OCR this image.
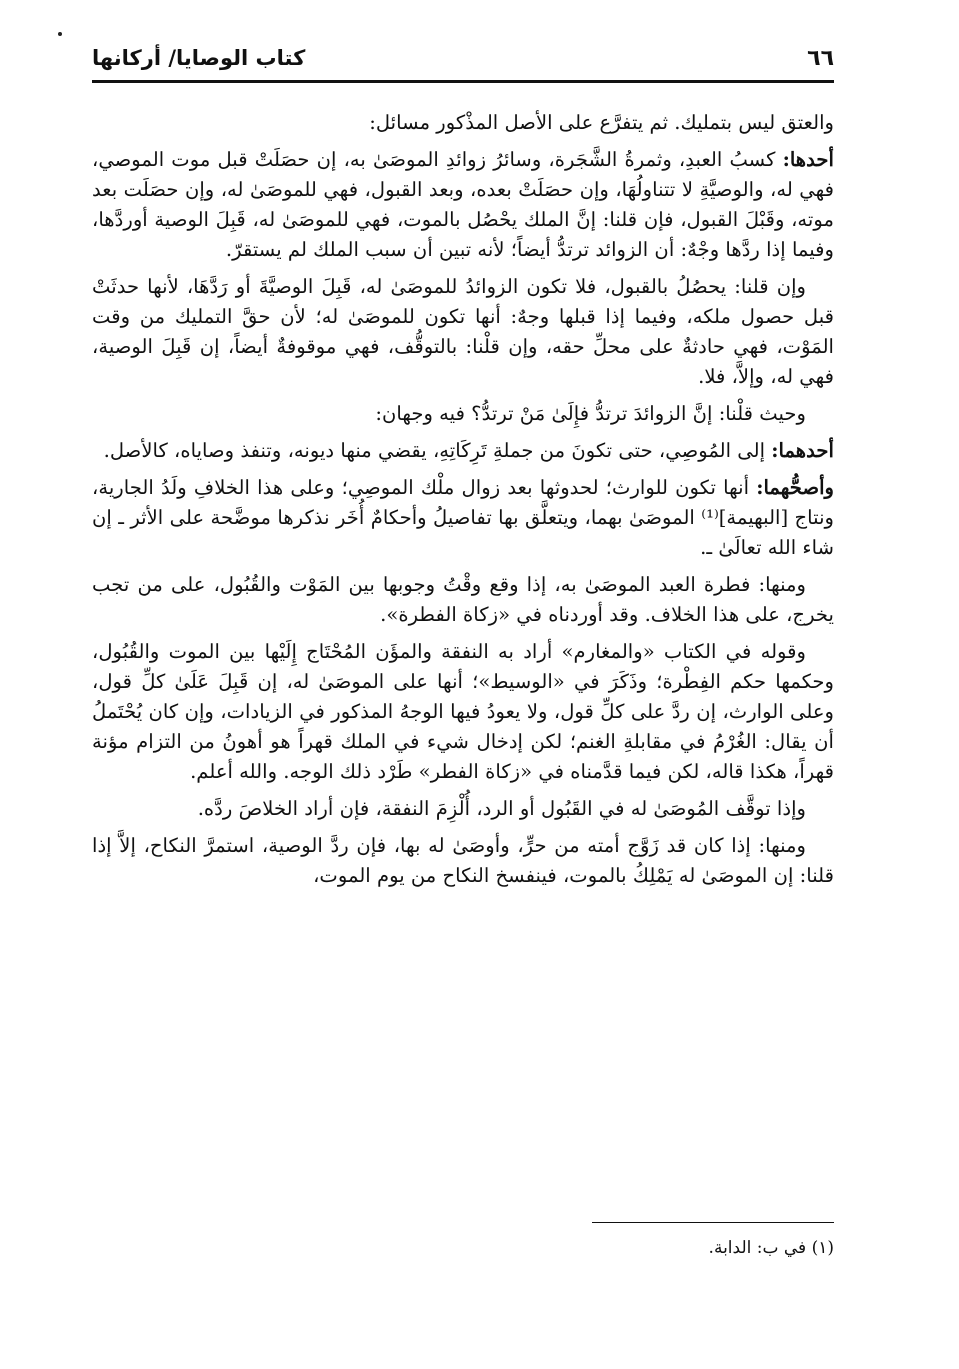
٦٦
كتاب الوصايا/ أركانها

والعتق ليس بتمليك. ثم يتفرَّع على الأصل المذْكور مسائل:

أحدها: كسبُ العبدِ، وثمرةُ الشَّجَرة، وسائرُ زوائدِ الموصَىٰ به، إن حصَلَتْ قبل موت الموصي، فهي له، والوصيَّةِ لا تتناولُهَا، وإن حصَلَتْ بعده، وبعد القبول، فهي للموصَىٰ له، وإن حصَلَت بعد موته، وقَبْلَ القبول، فإن قلنا: إنَّ الملك يحْصُل بالموت، فهي للموصَىٰ له، قَبِلَ الوصية أوردَّها، وفيما إذا ردَّها وجْهٌ: أن الزوائد ترتدُّ أيضاً؛ لأنه تبين أن سبب الملك لم يستقرّ.

وإن قلنا: يحصُلُ بالقبول، فلا تكون الزوائدُ للموصَىٰ له، قَبِلَ الوصيَّةَ أو رَدَّهَا، لأنها حدثَتْ قبل حصول ملكه، وفيما إذا قبلها وجهٌ: أنها تكون للموصَىٰ له؛ لأن حقَّ التمليك من وقت المَوْت، فهي حادثةٌ على محلِّ حقه، وإن قلْنا: بالتوقُّف، فهي موقوفةٌ أيضاً، إن قَبِلَ الوصية، فهي له، وإلاَّ، فلا.

وحيث قلْنا: إنَّ الزوائدَ ترتدُّ فإِلَىٰ مَنْ ترتدُّ؟ فيه وجهان:

أحدهما: إلى المُوصِي، حتى تكونَ من جملةِ تَرِكَاتِهِ، يقضي منها ديونه، وتنفذ وصاياه، كالأصل.

وأصحُّهما: أنها تكون للوارث؛ لحدوثها بعد زوال ملْك الموصِي؛ وعلى هذا الخلافِ ولَدُ الجارية، ونتاج [البهيمة]⁽¹⁾ الموصَىٰ بهما، ويتعلَّق بها تفاصيلُ وأحكامٌ أُخَر نذكرها موضَّحة على الأثر ـ إن شاء الله تعالَىٰ ـ.

ومنها: فطرة العبد الموصَىٰ به، إذا وقع وقْتُ وجوبها بين المَوْت والقُبُول، على من تجب يخرج، على هذا الخلاف. وقد أوردناه في «زكاة الفطرة».

وقوله في الكتاب «والمغارم» أراد به النفقة والمؤَن المُحْتَاج إِلَيْها بين الموت والقُبُول، وحكمها حكم الفِطْرة؛ وذَكَرَ في «الوسيط»؛ أنها على الموصَىٰ له، إن قَبِلَ عَلَىٰ كلِّ قول، وعلى الوارث، إن ردَّ على كلِّ قول، ولا يعودُ فيها الوجهُ المذكور في الزيادات، وإن كان يُحْتَملُ أن يقال: الغُرْمُ في مقابلةِ الغنم؛ لكن إدخال شيء في الملك قهراً هو أهونُ من التزام مؤنة قهراً، هكذا قاله، لكن فيما قدَّمناه في «زكاة الفطر» طَرْد ذلك الوجه. والله أعلم.

وإذا توقَّف المُوصَىٰ له في القَبُول أو الرد، أُلْزِمَ النفقة، فإن أراد الخلاصَ ردَّه.

ومنها: إذا كان قد زَوَّج أمته من حرٍّ، وأوصَىٰ له بها، فإن ردَّ الوصية، استمرَّ النكاح، إلاَّ إذا قلنا: إن الموصَىٰ له يَمْلِكُ بالموت، فينفسخ النكاح من يوم الموت،

(١) في ب: الدابة.
